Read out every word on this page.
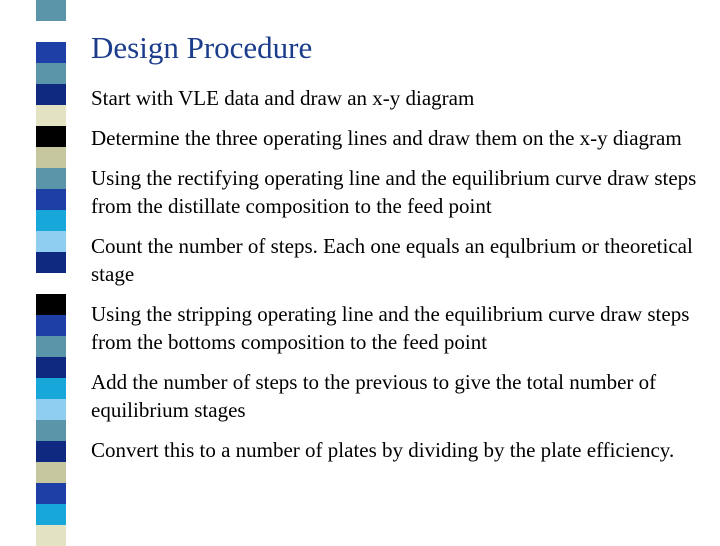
Design Procedure
Start with VLE data and draw an x-y diagram
Determine the three operating lines and draw them on the x-y diagram
Using the rectifying operating line and the equilibrium curve draw steps from the distillate composition to the feed point
Count the number of steps. Each one equals an equlbrium or theoretical stage
Using the stripping operating line and the equilibrium curve draw steps from the bottoms composition to the feed point
Add the number of steps to the previous to give the total number of equilibrium stages
Convert this to a number of plates by dividing by the plate efficiency.
